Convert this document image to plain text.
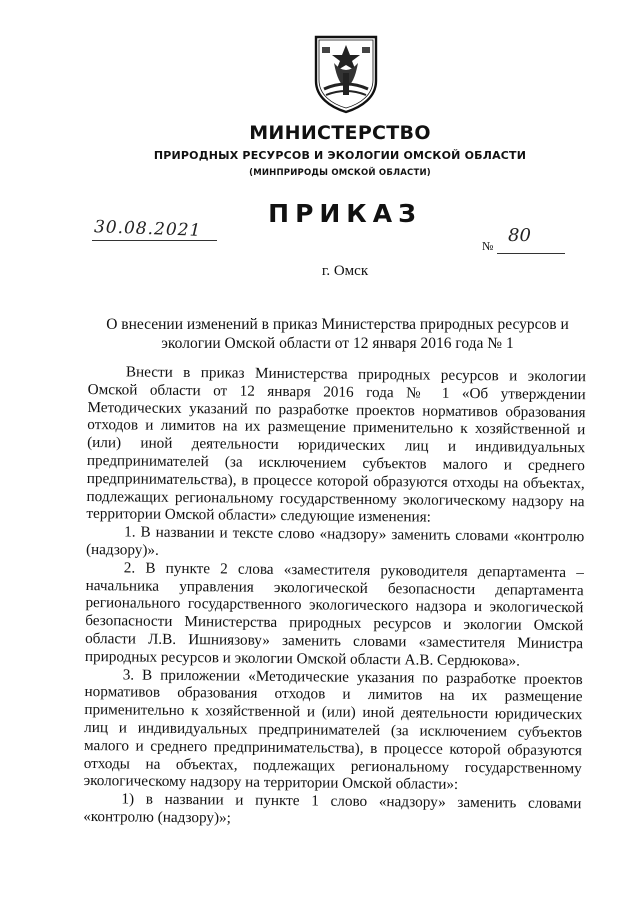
МИНИСТЕРСТВО
ПРИРОДНЫХ РЕСУРСОВ И ЭКОЛОГИИ ОМСКОЙ ОБЛАСТИ
(МИНПРИРОДЫ ОМСКОЙ ОБЛАСТИ)
ПРИКАЗ
30.08.2021
№ 80
г. Омск
О внесении изменений в приказ Министерства природных ресурсов и экологии Омской области от 12 января 2016 года № 1

Внести в приказ Министерства природных ресурсов и экологии Омской области от 12 января 2016 года № 1 «Об утверждении Методических указаний по разработке проектов нормативов образования отходов и лимитов на их размещение применительно к хозяйственной и (или) иной деятельности юридических лиц и индивидуальных предпринимателей (за исключением субъектов малого и среднего предпринимательства), в процессе которой образуются отходы на объектах, подлежащих региональному государственному экологическому надзору на территории Омской области» следующие изменения:

1. В названии и тексте слово «надзору» заменить словами «контролю (надзору)».

2. В пункте 2 слова «заместителя руководителя департамента – начальника управления экологической безопасности департамента регионального государственного экологического надзора и экологической безопасности Министерства природных ресурсов и экологии Омской области Л.В. Ишниязову» заменить словами «заместителя Министра природных ресурсов и экологии Омской области А.В. Сердюкова».

3. В приложении «Методические указания по разработке проектов нормативов образования отходов и лимитов на их размещение применительно к хозяйственной и (или) иной деятельности юридических лиц и индивидуальных предпринимателей (за исключением субъектов малого и среднего предпринимательства), в процессе которой образуются отходы на объектах, подлежащих региональному государственному экологическому надзору на территории Омской области»:

1) в названии и пункте 1 слово «надзору» заменить словами «контролю (надзору)»;
